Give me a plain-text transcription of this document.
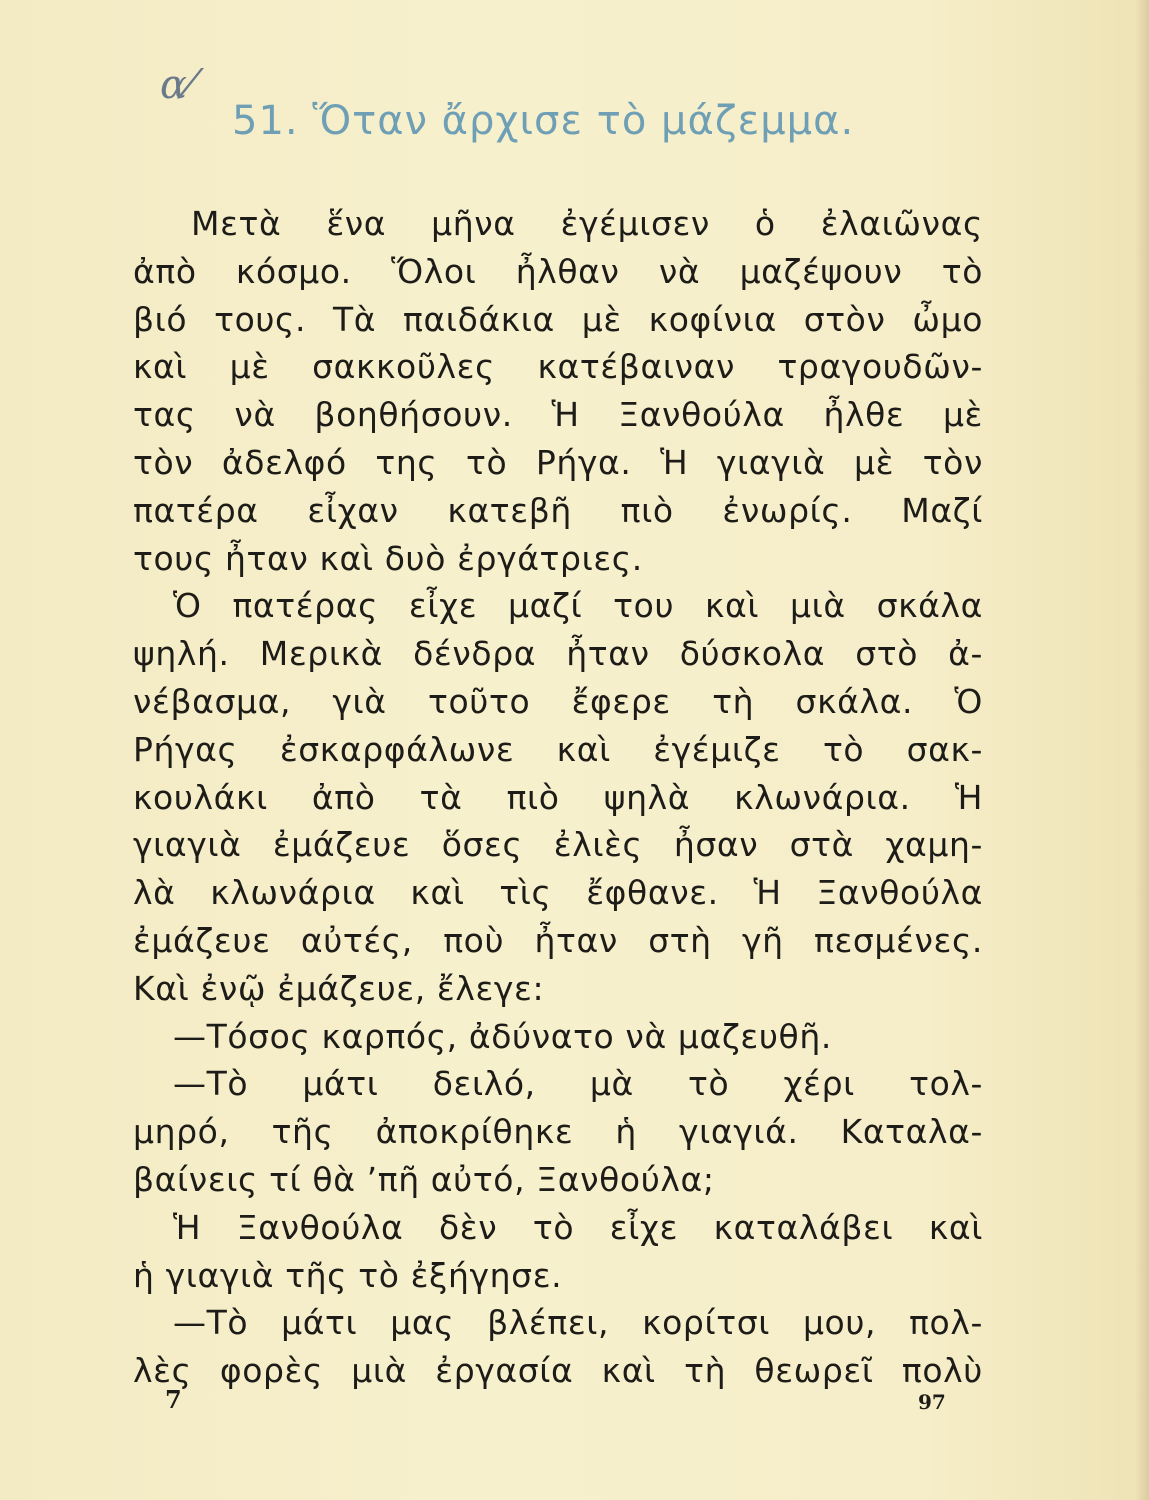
ɑ⁄
51. Ὅταν ἄρχισε τὸ μάζεμμα.
Μετὰ ἕνα μῆνα ἐγέμισεν ὁ ἐλαιῶνας
ἀπὸ κόσμο. Ὅλοι ἦλθαν νὰ μαζέψουν τὸ
βιό τους. Τὰ παιδάκια μὲ κοφίνια στὸν ὦμο
καὶ μὲ σακκοῦλες κατέβαιναν τραγουδῶν-
τας νὰ βοηθήσουν. Ἡ Ξανθούλα ἦλθε μὲ
τὸν ἀδελφό της τὸ Ρήγα. Ἡ γιαγιὰ μὲ τὸν
πατέρα εἶχαν κατεβῆ πιὸ ἐνωρίς. Μαζί
τους ἦταν καὶ δυὸ ἐργάτριες.
Ὁ πατέρας εἶχε μαζί του καὶ μιὰ σκάλα
ψηλή. Μερικὰ δένδρα ἦταν δύσκολα στὸ ἀ-
νέβασμα, γιὰ τοῦτο ἔφερε τὴ σκάλα. Ὁ
Ρήγας ἐσκαρφάλωνε καὶ ἐγέμιζε τὸ σακ-
κουλάκι ἀπὸ τὰ πιὸ ψηλὰ κλωνάρια. Ἡ
γιαγιὰ ἐμάζευε ὅσες ἐλιὲς ἦσαν στὰ χαμη-
λὰ κλωνάρια καὶ τὶς ἔφθανε. Ἡ Ξανθούλα
ἐμάζευε αὐτές, ποὺ ἦταν στὴ γῆ πεσμένες.
Καὶ ἐνῷ ἐμάζευε, ἔλεγε:
—Τόσος καρπός, ἀδύνατο νὰ μαζευθῆ.
—Τὸ μάτι δειλό, μὰ τὸ χέρι τολ-
μηρό, τῆς ἀποκρίθηκε ἡ γιαγιά. Καταλα-
βαίνεις τί θὰ ’πῆ αὐτό, Ξανθούλα;
Ἡ Ξανθούλα δὲν τὸ εἶχε καταλάβει καὶ
ἡ γιαγιὰ τῆς τὸ ἐξήγησε.
—Τὸ μάτι μας βλέπει, κορίτσι μου, πολ-
λὲς φορὲς μιὰ ἐργασία καὶ τὴ θεωρεῖ πολὺ
7	97
